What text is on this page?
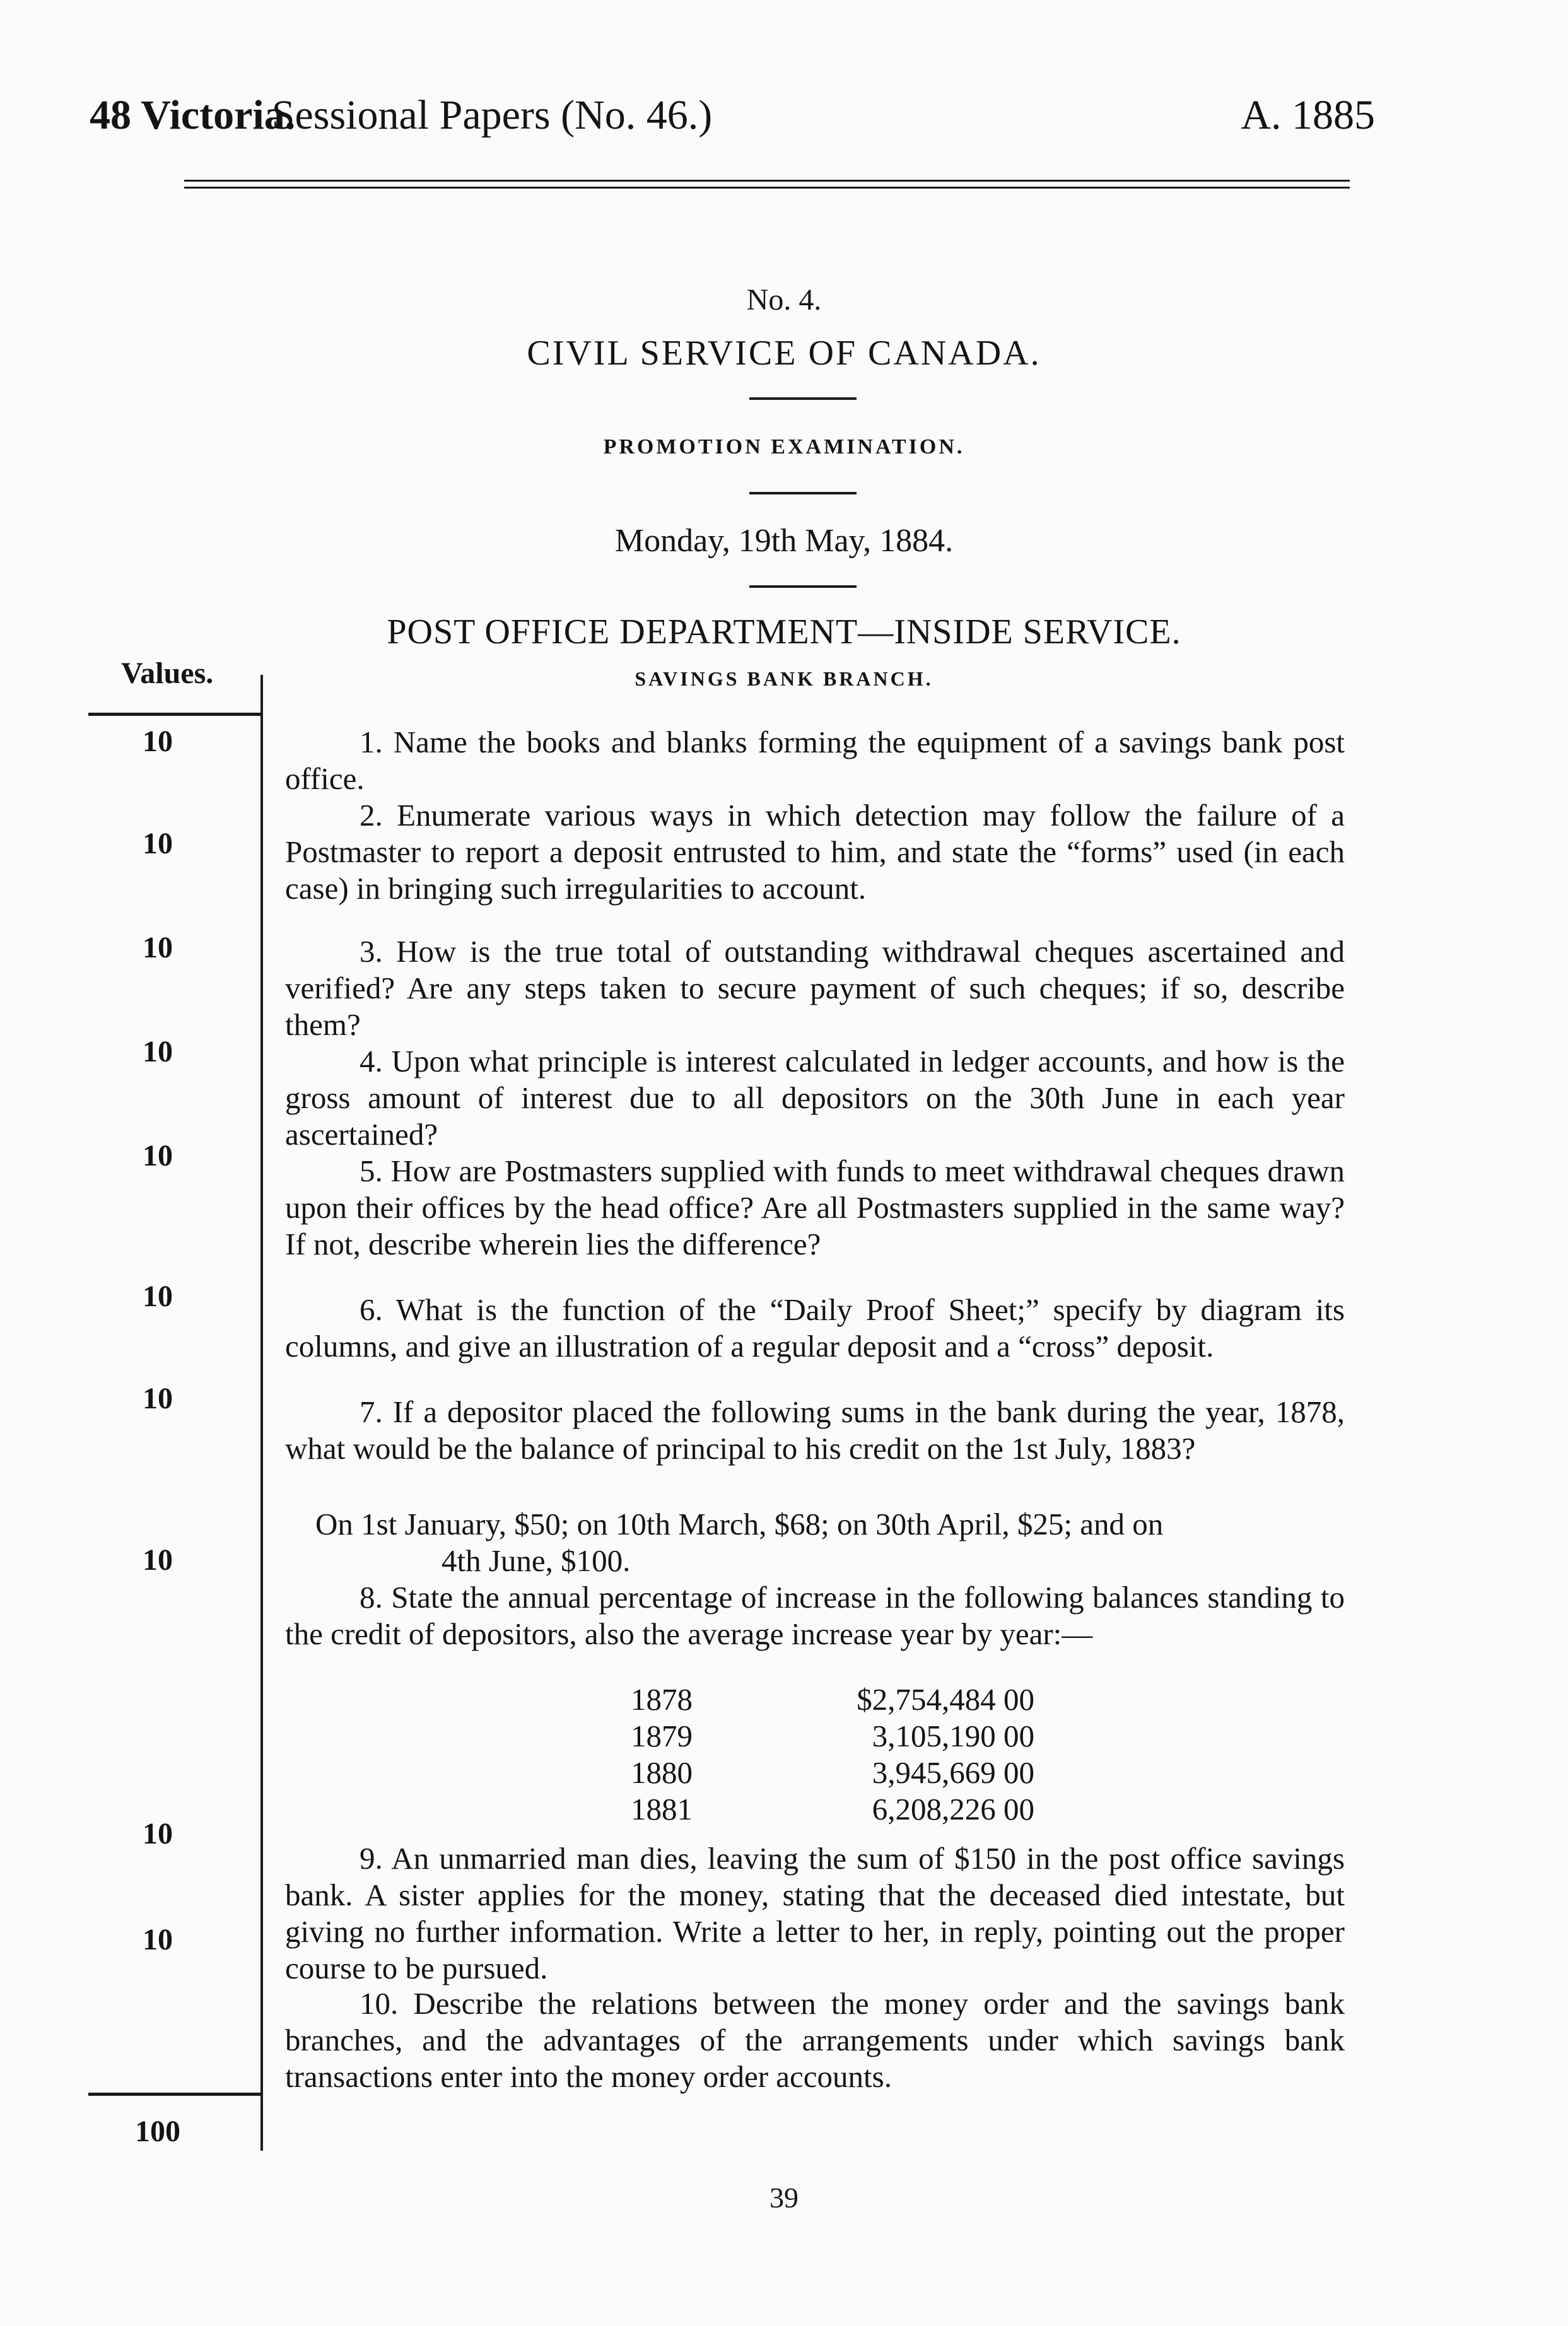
48 Victoria.
Sessional Papers (No. 46.)	A. 1885
No. 4.
CIVIL SERVICE OF CANADA.
PROMOTION EXAMINATION.
Monday, 19th May, 1884.
POST OFFICE DEPARTMENT—INSIDE SERVICE.
SAVINGS BANK BRANCH.
Values.
10
10
10
10
10
10
10
10
10
10
100
1. Name the books and blanks forming the equipment of a savings bank post office.
2. Enumerate various ways in which detection may follow the failure of a Postmaster to report a deposit entrusted to him, and state the “forms” used (in each case) in bringing such irregularities to account.
3. How is the true total of outstanding withdrawal cheques ascertained and verified? Are any steps taken to secure payment of such cheques; if so, describe them?
4. Upon what principle is interest calculated in ledger accounts, and how is the gross amount of interest due to all depositors on the 30th June in each year ascertained?
5. How are Postmasters supplied with funds to meet withdrawal cheques drawn upon their offices by the head office? Are all Postmasters supplied in the same way? If not, describe wherein lies the difference?
6. What is the function of the “Daily Proof Sheet;” specify by diagram its columns, and give an illustration of a regular deposit and a “cross” deposit.
7. If a depositor placed the following sums in the bank during the year, 1878, what would be the balance of principal to his credit on the 1st July, 1883?
On 1st January, $50; on 10th March, $68; on 30th April, $25; and on
4th June, $100.
8. State the annual percentage of increase in the following balances standing to the credit of depositors, also the average increase year by year:—
1878	$2,754,484 00
1879	3,105,190 00
1880	3,945,669 00
1881	6,208,226 00
9. An unmarried man dies, leaving the sum of $150 in the post office savings bank. A sister applies for the money, stating that the deceased died intestate, but giving no further information. Write a letter to her, in reply, pointing out the proper course to be pursued.
10. Describe the relations between the money order and the savings bank branches, and the advantages of the arrangements under which savings bank transactions enter into the money order accounts.
39
